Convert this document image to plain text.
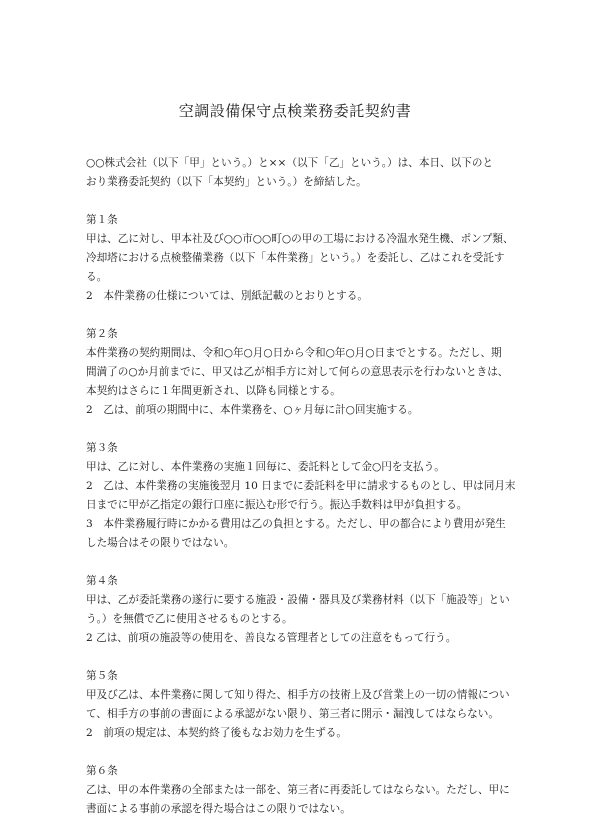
空調設備保守点検業務委託契約書
○○株式会社（以下「甲」という。）と××（以下「乙」という。）は、本日、以下のと
おり業務委託契約（以下「本契約」という。）を締結した。
第１条
甲は、乙に対し、甲本社及び○○市○○町○の甲の工場における冷温水発生機、ポンプ類、
冷却塔における点検整備業務（以下「本件業務」という。）を委託し、乙はこれを受託する。
2　本件業務の仕様については、別紙記載のとおりとする。
第２条
本件業務の契約期間は、令和○年○月○日から令和○年○月○日までとする。ただし、期
間満了の○か月前までに、甲又は乙が相手方に対して何らの意思表示を行わないときは、
本契約はさらに１年間更新され、以降も同様とする。
2　乙は、前項の期間中に、本件業務を、○ヶ月毎に計○回実施する。
第３条
甲は、乙に対し、本件業務の実施１回毎に、委託料として金○円を支払う。
2　乙は、本件業務の実施後翌月 10 日までに委託料を甲に請求するものとし、甲は同月末
日までに甲が乙指定の銀行口座に振込む形で行う。振込手数料は甲が負担する。
3　本件業務履行時にかかる費用は乙の負担とする。ただし、甲の都合により費用が発生
した場合はその限りではない。
第４条
甲は、乙が委託業務の遂行に要する施設・設備・器具及び業務材料（以下「施設等」とい
う。）を無償で乙に使用させるものとする。
2 乙は、前項の施設等の使用を、善良なる管理者としての注意をもって行う。
第５条
甲及び乙は、本件業務に関して知り得た、相手方の技術上及び営業上の一切の情報につい
て、相手方の事前の書面による承認がない限り、第三者に開示・漏洩してはならない。
2　前項の規定は、本契約終了後もなお効力を生ずる。
第６条
乙は、甲の本件業務の全部または一部を、第三者に再委託してはならない。ただし、甲に
書面による事前の承認を得た場合はこの限りではない。
